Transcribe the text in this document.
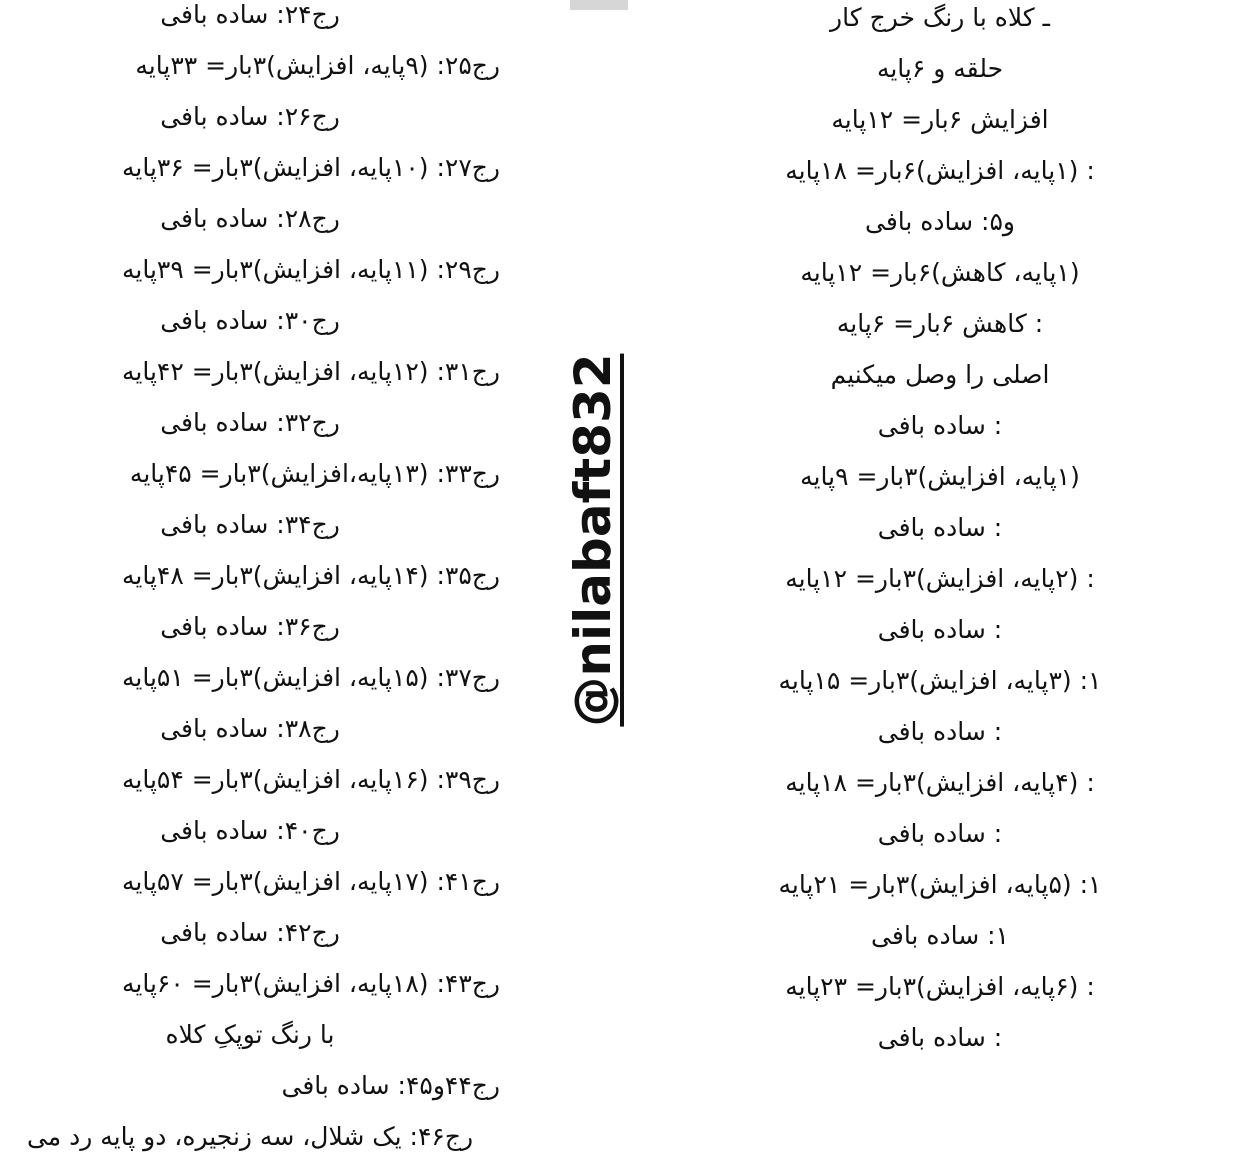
رج۲۴: ساده بافی
رج۲۵: (۹پایه، افزایش)۳بار= ۳۳پایه
رج۲۶: ساده بافی
رج۲۷: (۱۰پایه، افزایش)۳بار= ۳۶پایه
رج۲۸: ساده بافی
رج۲۹: (۱۱پایه، افزایش)۳بار= ۳۹پایه
رج۳۰: ساده بافی
رج۳۱: (۱۲پایه، افزایش)۳بار= ۴۲پایه
رج۳۲: ساده بافی
رج۳۳: (۱۳پایه،افزایش)۳بار= ۴۵پایه
رج۳۴: ساده بافی
رج۳۵: (۱۴پایه، افزایش)۳بار= ۴۸پایه
رج۳۶: ساده بافی
رج۳۷: (۱۵پایه، افزایش)۳بار= ۵۱پایه
رج۳۸: ساده بافی
رج۳۹: (۱۶پایه، افزایش)۳بار= ۵۴پایه
رج۴۰: ساده بافی
رج۴۱: (۱۷پایه، افزایش)۳بار= ۵۷پایه
رج۴۲: ساده بافی
رج۴۳: (۱۸پایه، افزایش)۳بار= ۶۰پایه
با رنگ توپکِ کلاه
رج۴۴و۴۵: ساده بافی
رج۴۶: یک شلال، سه زنجیره، دو پایه رد می
ـ کلاه با رنگ خرج کار
حلقه و ۶پایه
افزایش ۶بار= ۱۲پایه
: (۱پایه، افزایش)۶بار= ۱۸پایه
و۵: ساده بافی
(۱پایه، کاهش)۶بار= ۱۲پایه
: کاهش ۶بار= ۶پایه
اصلی را وصل میکنیم
: ساده بافی
(۱پایه، افزایش)۳بار= ۹پایه
: ساده بافی
: (۲پایه، افزایش)۳بار= ۱۲پایه
: ساده بافی
۱: (۳پایه، افزایش)۳بار= ۱۵پایه
: ساده بافی
: (۴پایه، افزایش)۳بار= ۱۸پایه
: ساده بافی
۱: (۵پایه، افزایش)۳بار= ۲۱پایه
۱: ساده بافی
: (۶پایه، افزایش)۳بار= ۲۳پایه
: ساده بافی
@nilabaft832
